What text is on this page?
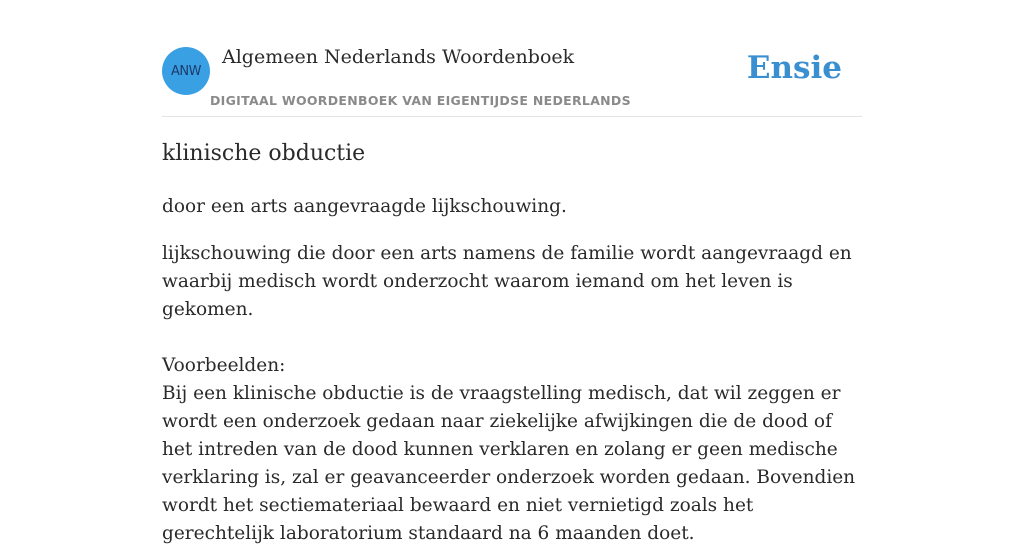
ANW
Algemeen Nederlands Woordenboek
DIGITAAL WOORDENBOEK VAN EIGENTIJDSE NEDERLANDS
Ensie
klinische obductie

door een arts aangevraagde lijkschouwing.

lijkschouwing die door een arts namens de familie wordt aangevraagd en waarbij medisch wordt onderzocht waarom iemand om het leven is gekomen.

Voorbeelden:

Bij een klinische obductie is de vraagstelling medisch, dat wil zeggen er wordt een onderzoek gedaan naar ziekelijke afwijkingen die de dood of het intreden van de dood kunnen verklaren en zolang er geen medische verklaring is, zal er geavanceerder onderzoek worden gedaan. Bovendien wordt het sectiemateriaal bewaard en niet vernietigd zoals het gerechtelijk laboratorium standaard na 6 maanden doet.
